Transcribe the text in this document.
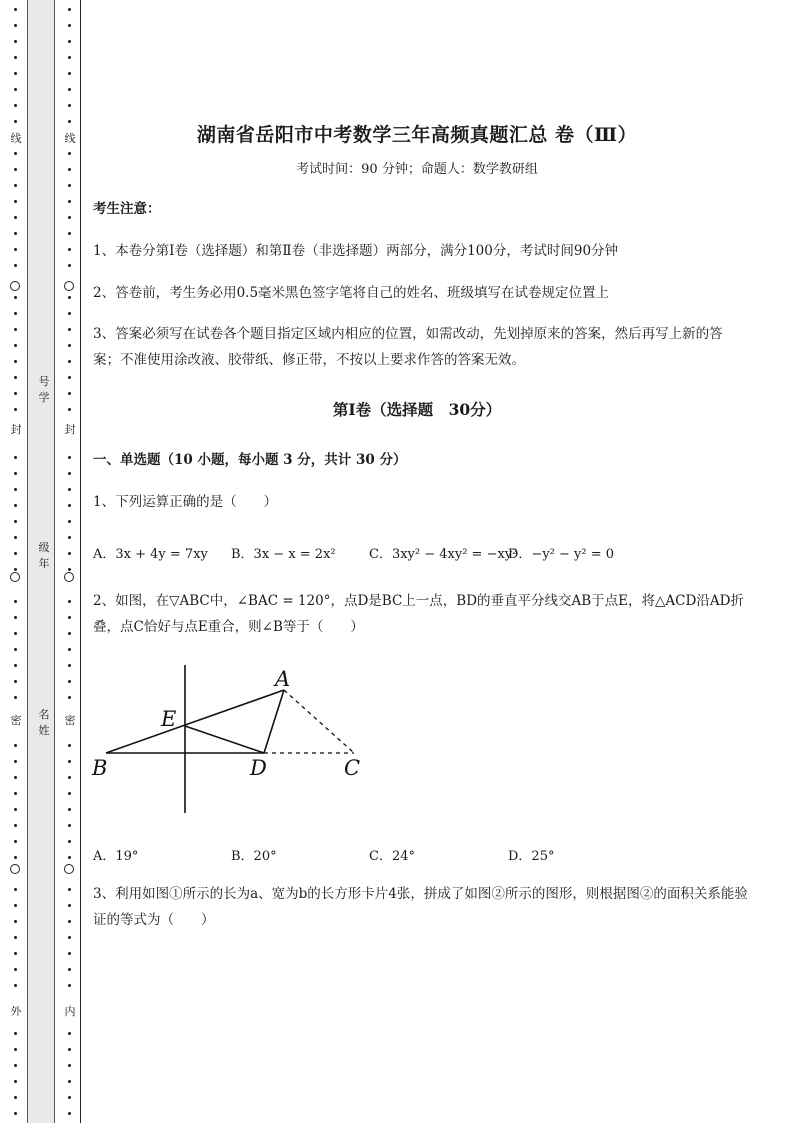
线
封
密
外
线
封
密
内
号
学
级
年
名
姓
湖南省岳阳市中考数学三年高频真题汇总 卷（Ⅲ）
考试时间：90 分钟；命题人：数学教研组
考生注意：
1、本卷分第Ⅰ卷（选择题）和第Ⅱ卷（非选择题）两部分，满分100分，考试时间90分钟
2、答卷前，考生务必用0.5毫米黑色签字笔将自己的姓名、班级填写在试卷规定位置上
3、答案必须写在试卷各个题目指定区域内相应的位置，如需改动，先划掉原来的答案，然后再写上新的答案；不准使用涂改液、胶带纸、修正带，不按以上要求作答的答案无效。
第Ⅰ卷（选择题　30分）
一、单选题（10 小题，每小题 3 分，共计 30 分）
1、下列运算正确的是（　　）
A．3x + 4y = 7xy B．3x − x = 2x²	C．3xy² − 4xy² = −xy²
D．−y² − y² = 0
2、如图，在▽ABC中，∠BAC = 120°，点D是BC上一点，BD的垂直平分线交AB于点E，将△ACD沿AD折叠，点C恰好与点E重合，则∠B等于（　　）
A
E
B	D	C
A．19°	B．20°	C．24°	D．25°
3、利用如图①所示的长为a、宽为b的长方形卡片4张，拼成了如图②所示的图形，则根据图②的面积关系能验证的等式为（　　）
